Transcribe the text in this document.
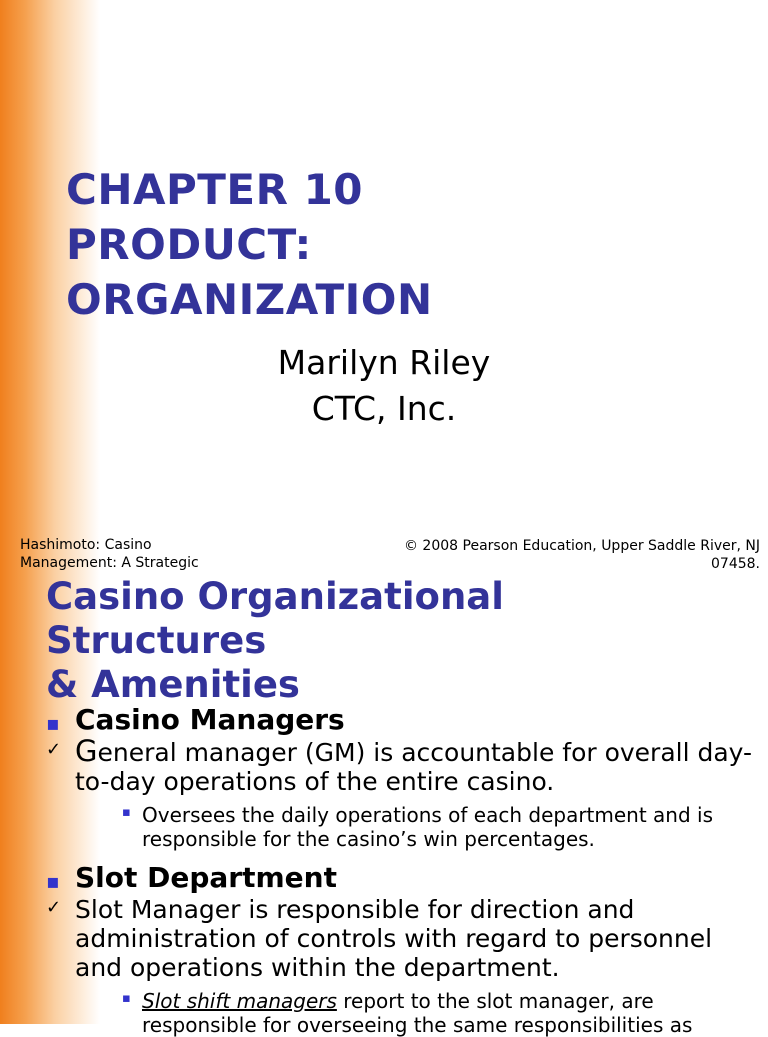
CHAPTER 10
PRODUCT:
ORGANIZATION
Marilyn Riley
CTC, Inc.
Hashimoto: Casino Management: A Strategic
© 2008 Pearson Education, Upper Saddle River, NJ 07458.
Casino Organizational
Structures
& Amenities
▪ Casino Managers
✓ General manager (GM) is accountable for overall day-to-day operations of the entire casino.
▪ Oversees the daily operations of each department and is responsible for the casino’s win percentages.
▪ Slot Department
✓ Slot Manager is responsible for direction and administration of controls with regard to personnel and operations within the department.
▪ Slot shift managers report to the slot manager, are responsible for overseeing the same responsibilities as
